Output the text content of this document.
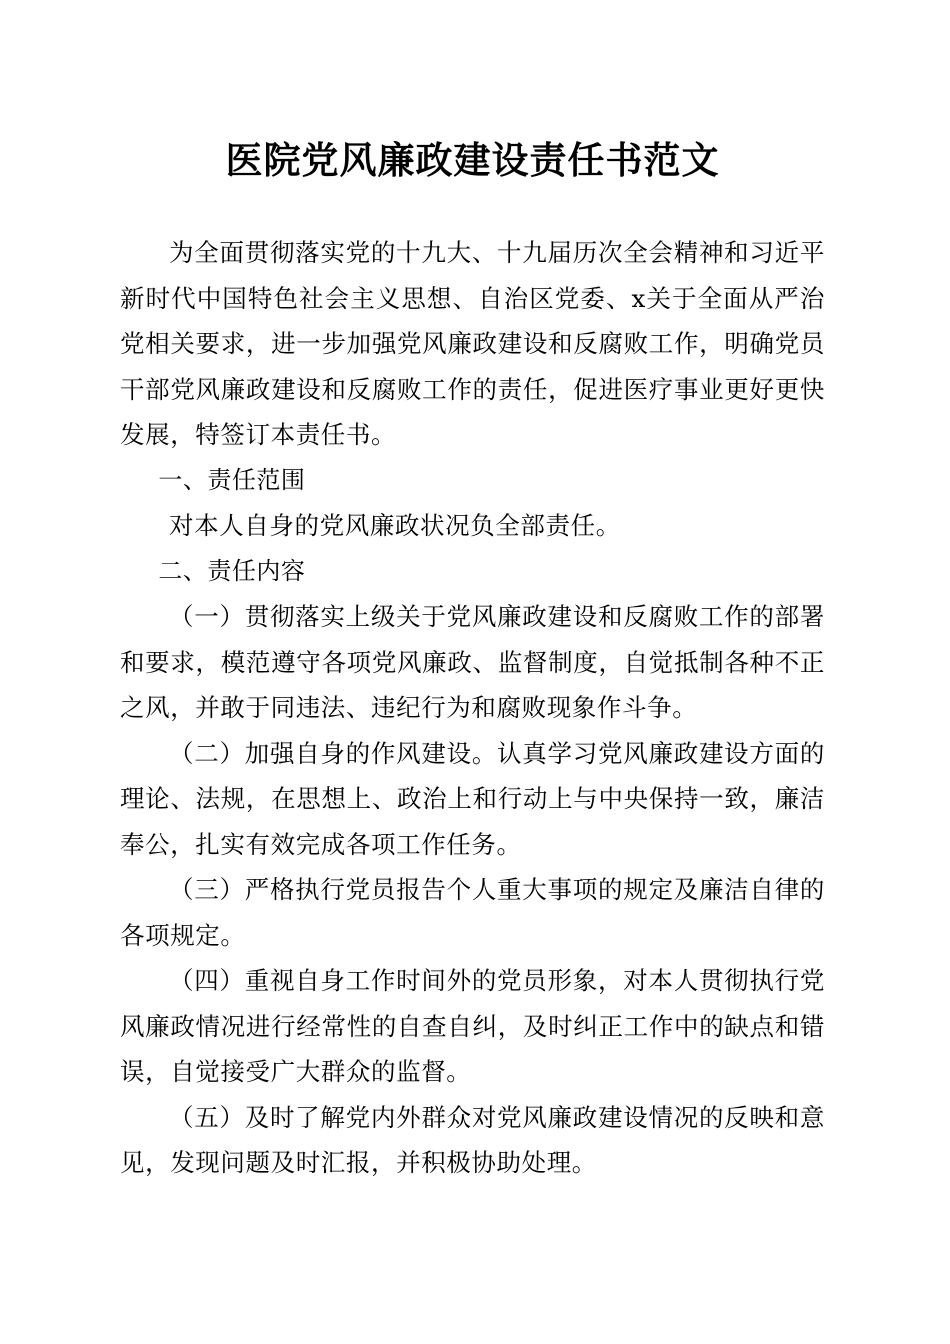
医院党风廉政建设责任书范文

为全面贯彻落实党的十九大、十九届历次全会精神和习近平新时代中国特色社会主义思想、自治区党委、x关于全面从严治党相关要求，进一步加强党风廉政建设和反腐败工作，明确党员干部党风廉政建设和反腐败工作的责任，促进医疗事业更好更快发展，特签订本责任书。

一、责任范围

对本人自身的党风廉政状况负全部责任。

二、责任内容

（一）贯彻落实上级关于党风廉政建设和反腐败工作的部署和要求，模范遵守各项党风廉政、监督制度，自觉抵制各种不正之风，并敢于同违法、违纪行为和腐败现象作斗争。

（二）加强自身的作风建设。认真学习党风廉政建设方面的理论、法规，在思想上、政治上和行动上与中央保持一致，廉洁奉公，扎实有效完成各项工作任务。

（三）严格执行党员报告个人重大事项的规定及廉洁自律的各项规定。

（四）重视自身工作时间外的党员形象，对本人贯彻执行党风廉政情况进行经常性的自查自纠，及时纠正工作中的缺点和错误，自觉接受广大群众的监督。

（五）及时了解党内外群众对党风廉政建设情况的反映和意见，发现问题及时汇报，并积极协助处理。
